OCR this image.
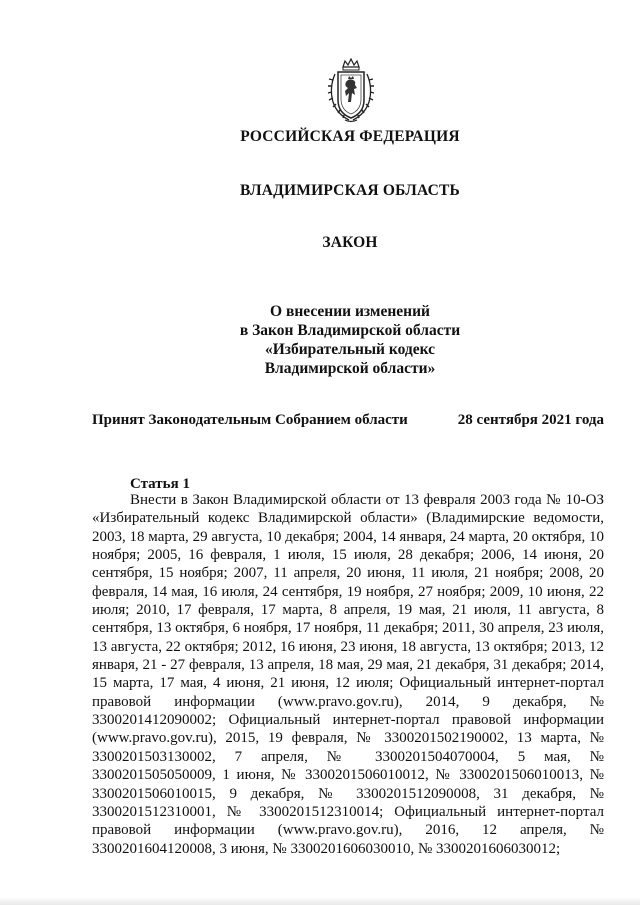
РОССИЙСКАЯ ФЕДЕРАЦИЯ
ВЛАДИМИРСКАЯ ОБЛАСТЬ
ЗАКОН
О внесении изменений
в Закон Владимирской области
«Избирательный кодекс
Владимирской области»
Принят Законодательным Собранием области	28 сентября 2021 года
Статья 1

Внести в Закон Владимирской области от 13 февраля 2003 года № 10-ОЗ «Избирательный кодекс Владимирской области» (Владимирские ведомости, 2003, 18 марта, 29 августа, 10 декабря; 2004, 14 января, 24 марта, 20 октября, 10 ноября; 2005, 16 февраля, 1 июля, 15 июля, 28 декабря; 2006, 14 июня, 20 сентября, 15 ноября; 2007, 11 апреля, 20 июня, 11 июля, 21 ноября; 2008, 20 февраля, 14 мая, 16 июля, 24 сентября, 19 ноября, 27 ноября; 2009, 10 июня, 22 июля; 2010, 17 февраля, 17 марта, 8 апреля, 19 мая, 21 июля, 11 августа, 8 сентября, 13 октября, 6 ноября, 17 ноября, 11 декабря; 2011, 30 апреля, 23 июля, 13 августа, 22 октября; 2012, 16 июня, 23 июня, 18 августа, 13 октября; 2013, 12 января, 21 - 27 февраля, 13 апреля, 18 мая, 29 мая, 21 декабря, 31 декабря; 2014, 15 марта, 17 мая, 4 июня, 21 июня, 12 июля; Официальный интернет-портал правовой информации (www.pravo.gov.ru), 2014, 9 декабря, № 3300201412090002; Официальный интернет-портал правовой информации (www.pravo.gov.ru), 2015, 19 февраля, № 3300201502190002, 13 марта, № 3300201503130002, 7 апреля, № 3300201504070004, 5 мая, № 3300201505050009, 1 июня, № 3300201506010012, № 3300201506010013, № 3300201506010015, 9 декабря, № 3300201512090008, 31 декабря, № 3300201512310001, № 3300201512310014; Официальный интернет-портал правовой информации (www.pravo.gov.ru), 2016, 12 апреля, № 3300201604120008, 3 июня, № 3300201606030010, № 3300201606030012;
